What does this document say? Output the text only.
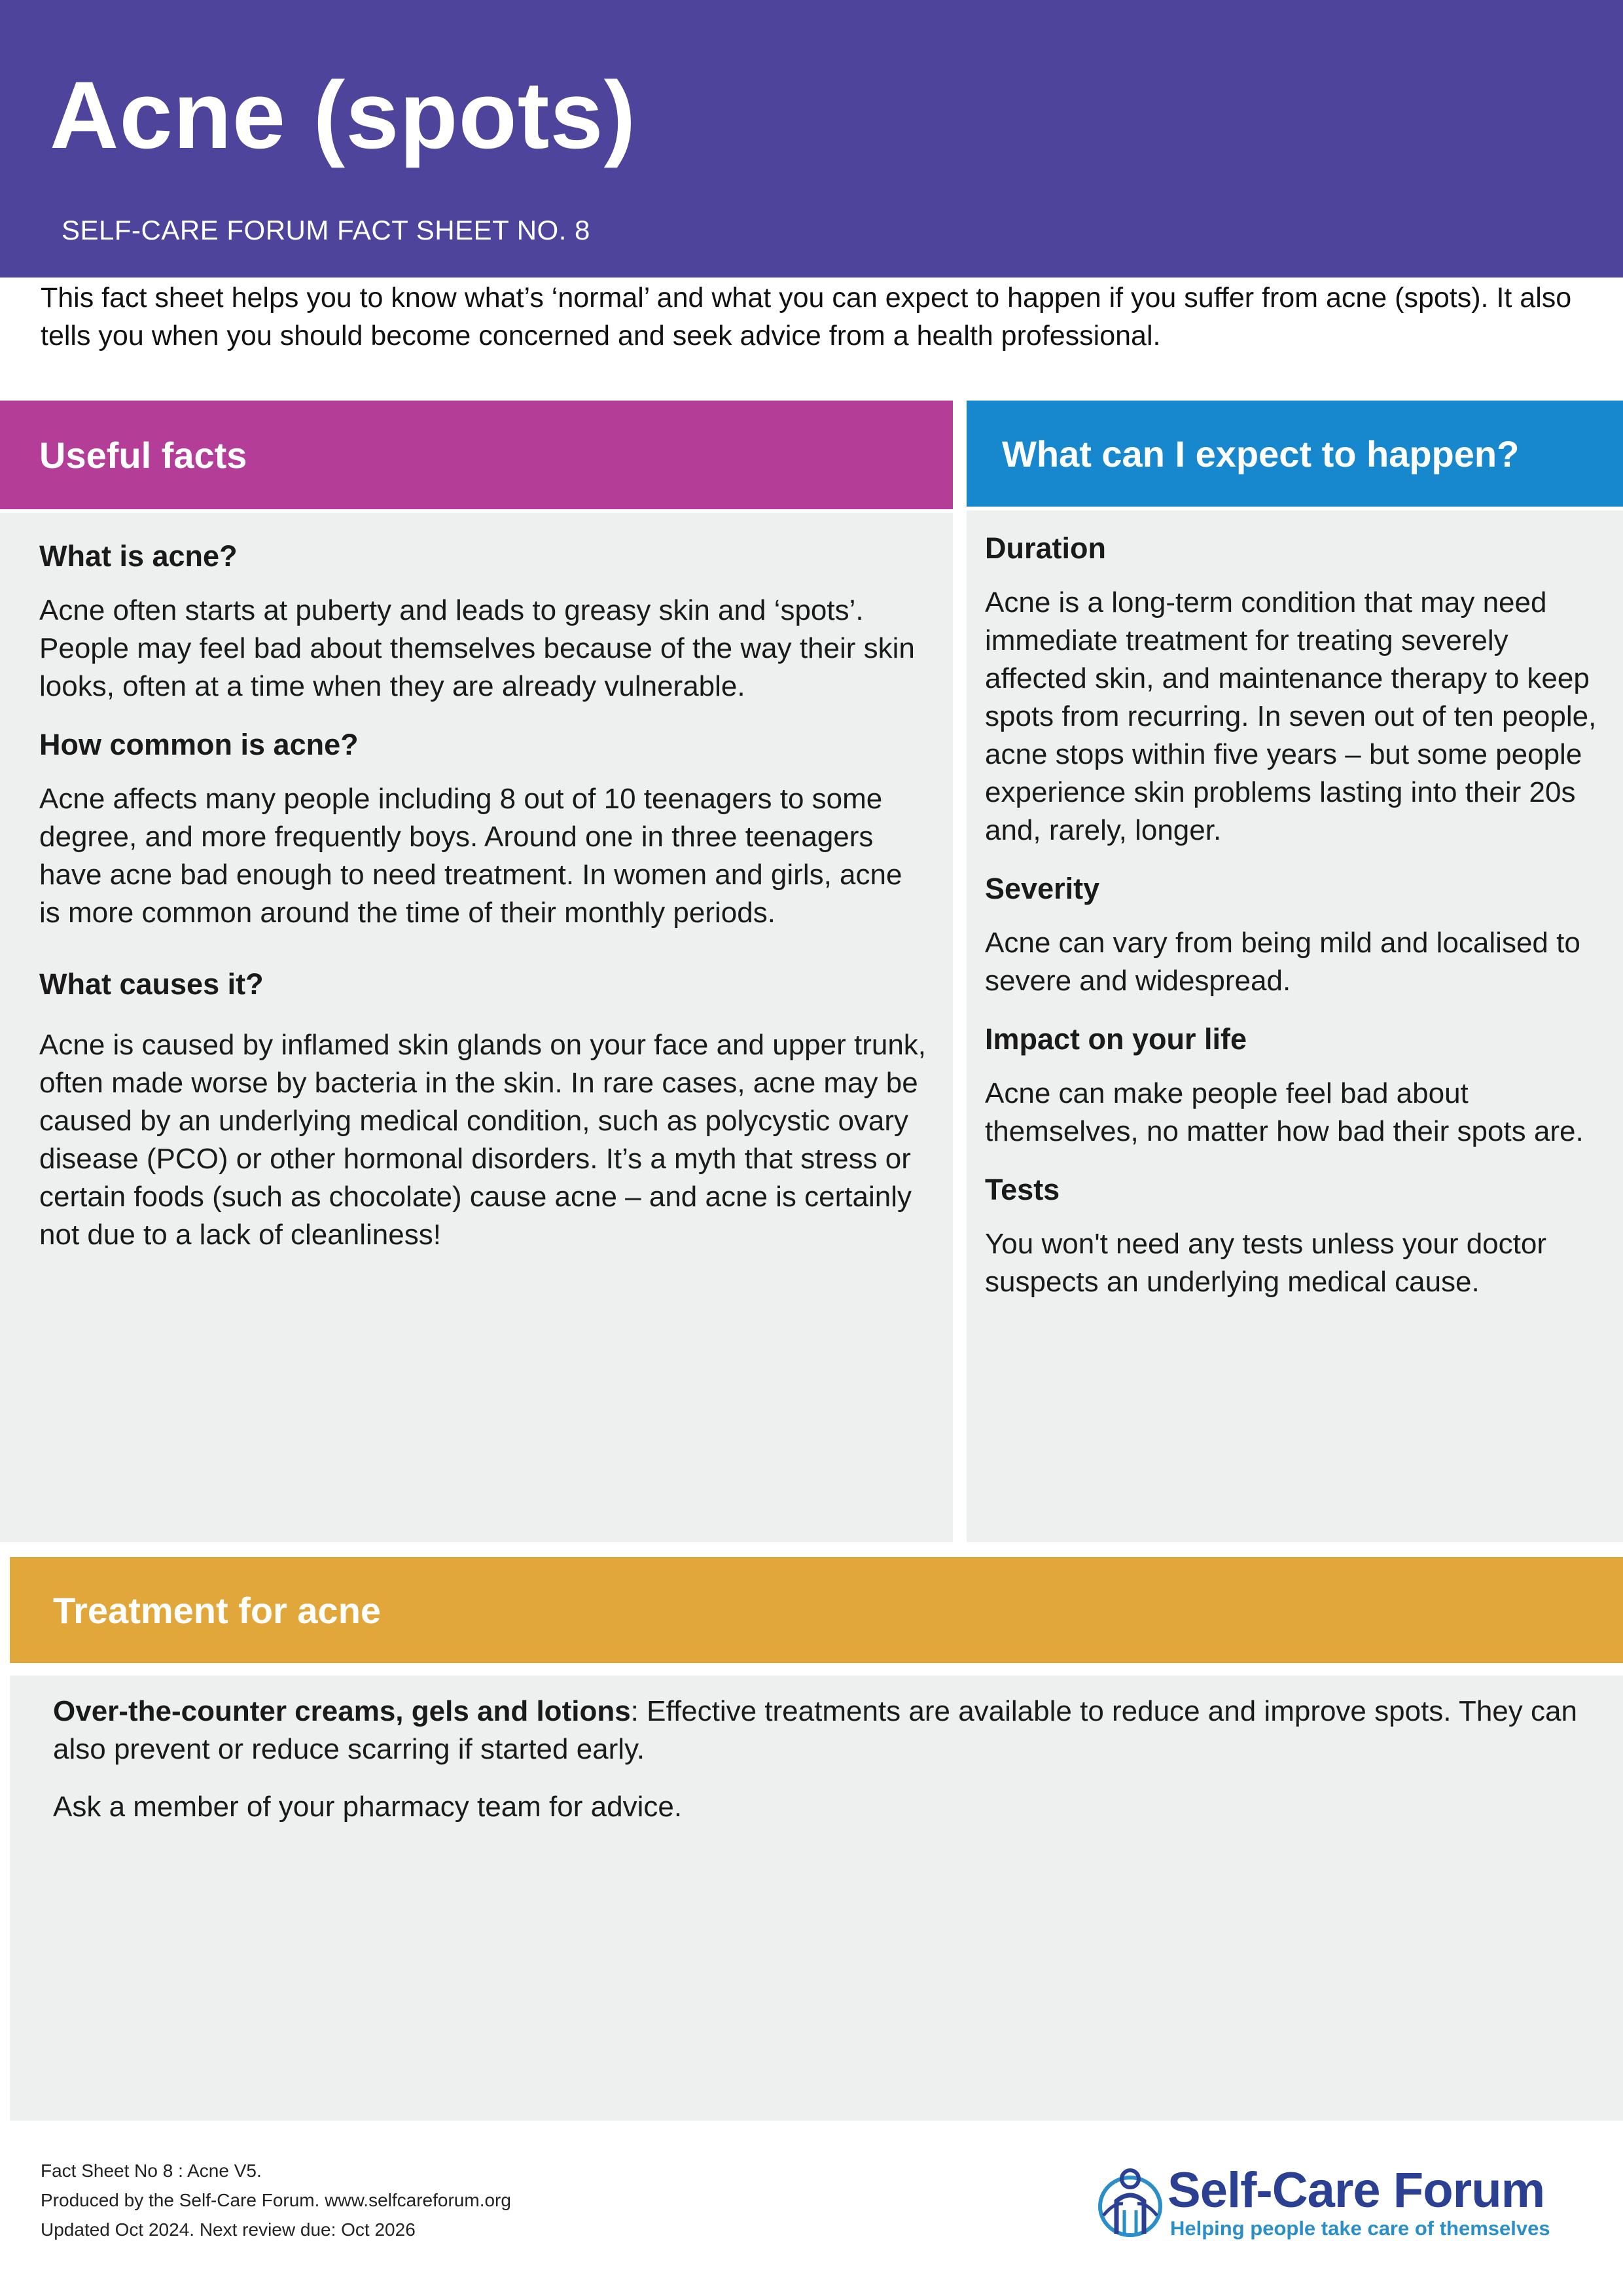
Acne (spots)
SELF-CARE FORUM FACT SHEET NO. 8
This fact sheet helps you to know what’s ‘normal’ and what you can expect to happen if you suffer from acne (spots). It also tells you when you should become concerned and seek advice from a health professional.
Useful facts
What is acne?

Acne often starts at puberty and leads to greasy skin and ‘spots’. People may feel bad about themselves because of the way their skin looks, often at a time when they are already vulnerable.

How common is acne?

Acne affects many people including 8 out of 10 teenagers to some degree, and more frequently boys. Around one in three teenagers have acne bad enough to need treatment. In women and girls, acne is more common around the time of their monthly periods.

What causes it?

Acne is caused by inflamed skin glands on your face and upper trunk, often made worse by bacteria in the skin. In rare cases, acne may be caused by an underlying medical condition, such as polycystic ovary disease (PCO) or other hormonal disorders. It’s a myth that stress or certain foods (such as chocolate) cause acne – and acne is certainly not due to a lack of cleanliness!

What can I expect to happen?
Duration

Acne is a long-term condition that may need immediate treatment for treating severely affected skin, and maintenance therapy to keep spots from recurring. In seven out of ten people, acne stops within five years – but some people experience skin problems lasting into their 20s and, rarely, longer.

Severity

Acne can vary from being mild and localised to severe and widespread.

Impact on your life

Acne can make people feel bad about themselves, no matter how bad their spots are.

Tests

You won't need any tests unless your doctor suspects an underlying medical cause.

Treatment for acne

Over-the-counter creams, gels and lotions: Effective treatments are available to reduce and improve spots. They can also prevent or reduce scarring if started early.

Ask a member of your pharmacy team for advice.

Fact Sheet No 8 : Acne V5.
Produced by the Self-Care Forum. www.selfcareforum.org
Updated Oct 2024. Next review due: Oct 2026
Self-Care Forum
Helping people take care of themselves
